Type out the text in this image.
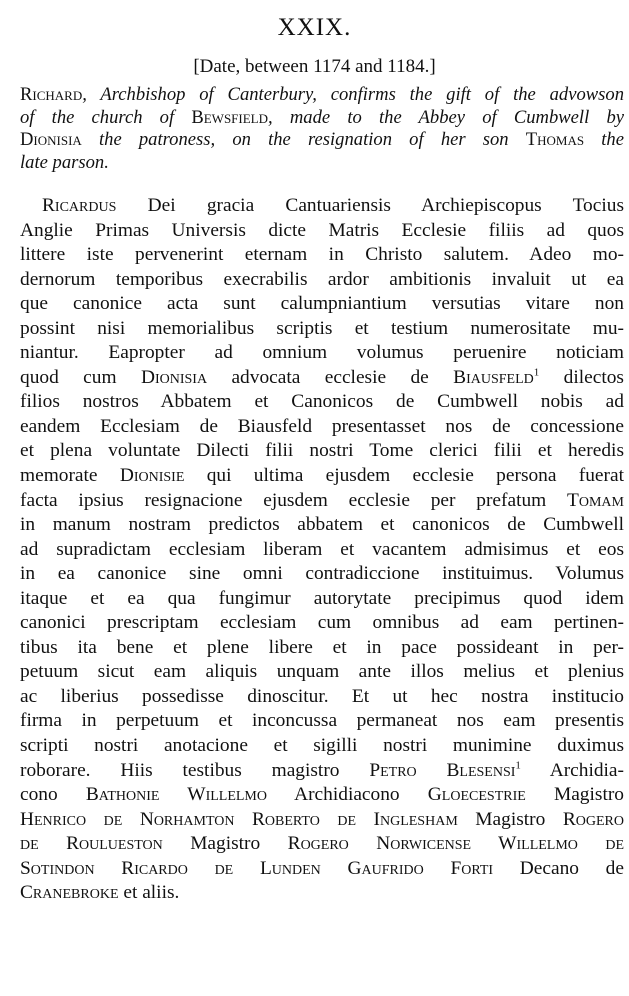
XXIX.
[Date, between 1174 and 1184.]
Richard, Archbishop of Canterbury, confirms the gift of the advowson
of the church of Bewsfield, made to the Abbey of Cumbwell by
Dionisia the patroness, on the resignation of her son Thomas the
late parson.
Ricardus Dei gracia Cantuariensis Archiepiscopus Tocius
Anglie Primas Universis dicte Matris Ecclesie filiis ad quos
littere iste pervenerint eternam in Christo salutem. Adeo mo-
dernorum temporibus execrabilis ardor ambitionis invaluit ut ea
que canonice acta sunt calumpniantium versutias vitare non
possint nisi memorialibus scriptis et testium numerositate mu-
niantur. Eapropter ad omnium volumus peruenire noticiam
quod cum Dionisia advocata ecclesie de Biausfeld$^1$ dilectos
filios nostros Abbatem et Canonicos de Cumbwell nobis ad
eandem Ecclesiam de Biausfeld presentasset nos de concessione
et plena voluntate Dilecti filii nostri Tome clerici filii et heredis
memorate Dionisie qui ultima ejusdem ecclesie persona fuerat
facta ipsius resignacione ejusdem ecclesie per prefatum Tomam
in manum nostram predictos abbatem et canonicos de Cumbwell
ad supradictam ecclesiam liberam et vacantem admisimus et eos
in ea canonice sine omni contradiccione instituimus. Volumus
itaque et ea qua fungimur autorytate precipimus quod idem
canonici prescriptam ecclesiam cum omnibus ad eam pertinen-
tibus ita bene et plene libere et in pace possideant in per-
petuum sicut eam aliquis unquam ante illos melius et plenius
ac liberius possedisse dinoscitur. Et ut hec nostra institucio
firma in perpetuum et inconcussa permaneat nos eam presentis
scripti nostri anotacione et sigilli nostri munimine duximus
roborare. Hiis testibus magistro Petro Blesensi$^1$ Archidia-
cono Bathonie Willelmo Archidiacono Gloecestrie Magistro
Henrico de Norhamton Roberto de Inglesham Magistro Rogero
de Roulueston Magistro Rogero Norwicense Willelmo de
Sotindon Ricardo de Lunden Gaufrido Forti Decano de
Cranebroke et aliis.
